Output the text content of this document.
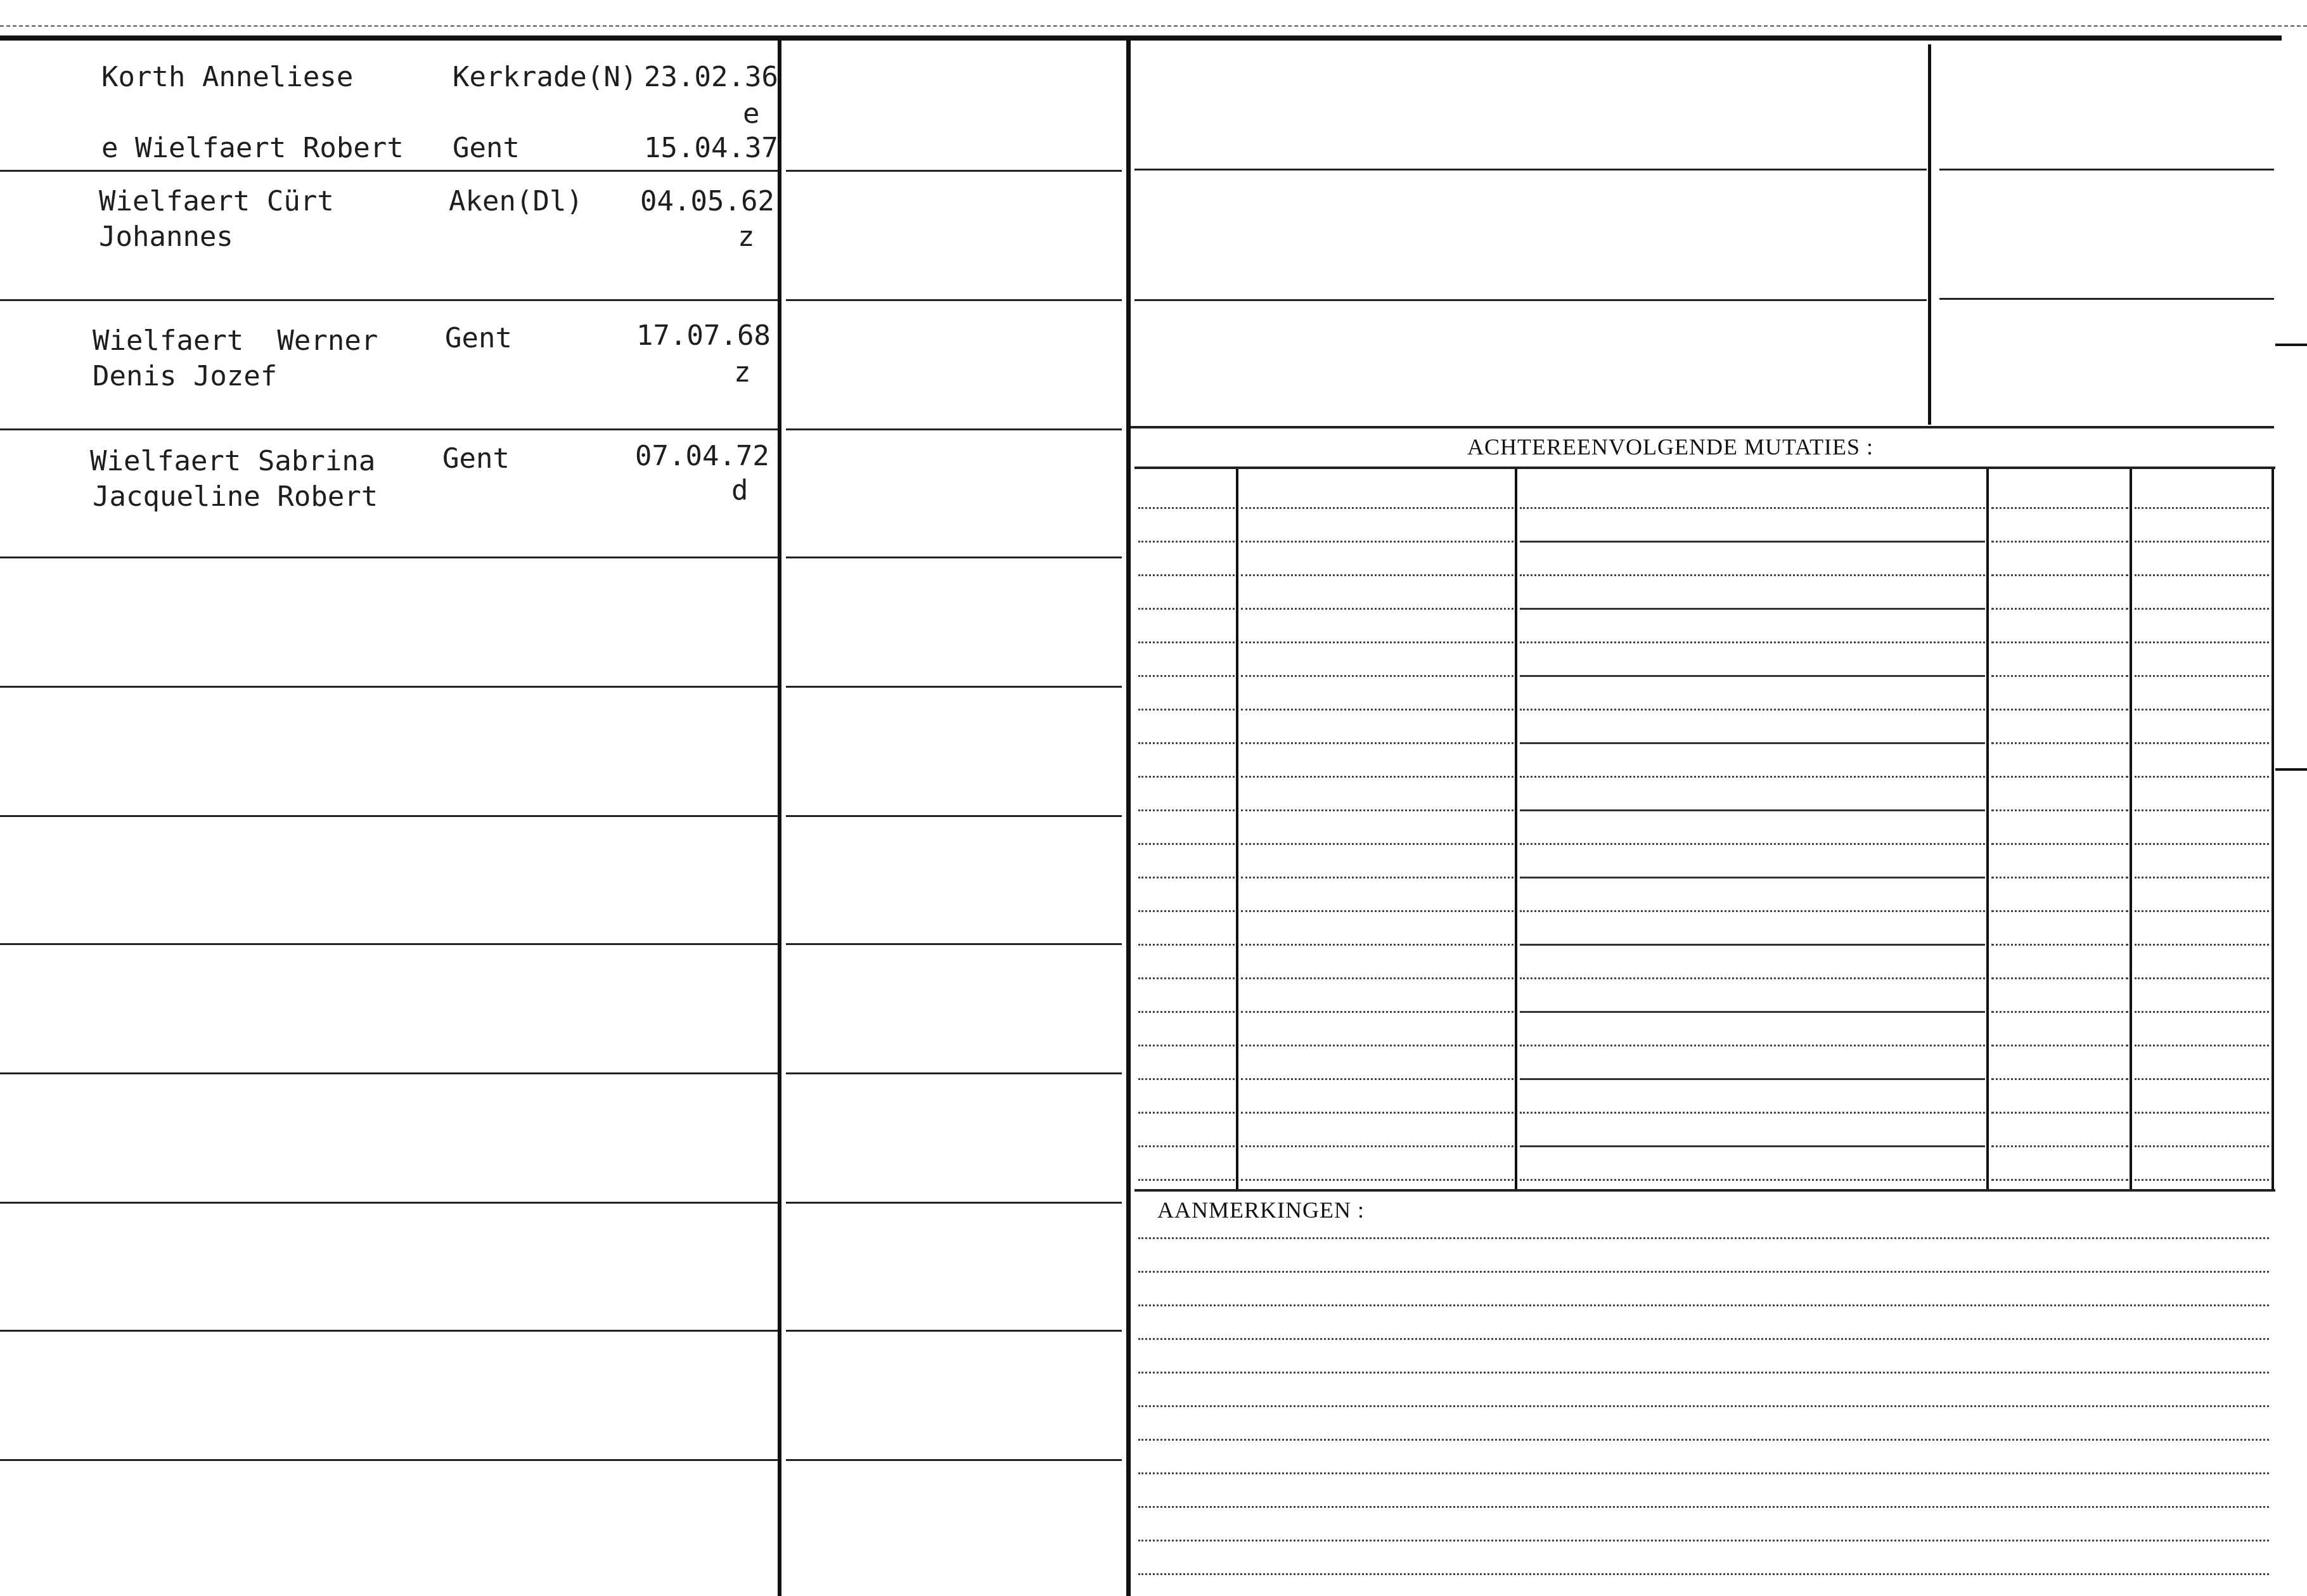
ACHTEREENVOLGENDE MUTATIES :
AANMERKINGEN :
Korth Anneliese
e Wielfaert Robert
Kerkrade(N)
Gent
23.02.36
e
15.04.37
Wielfaert Cürt
Johannes
Aken(Dl) 04.05.62
z
Wielfaert  Werner
Denis Jozef
Gent	17.07.68
z
Wielfaert Sabrina
Jacqueline Robert
Gent	07.04.72
d
